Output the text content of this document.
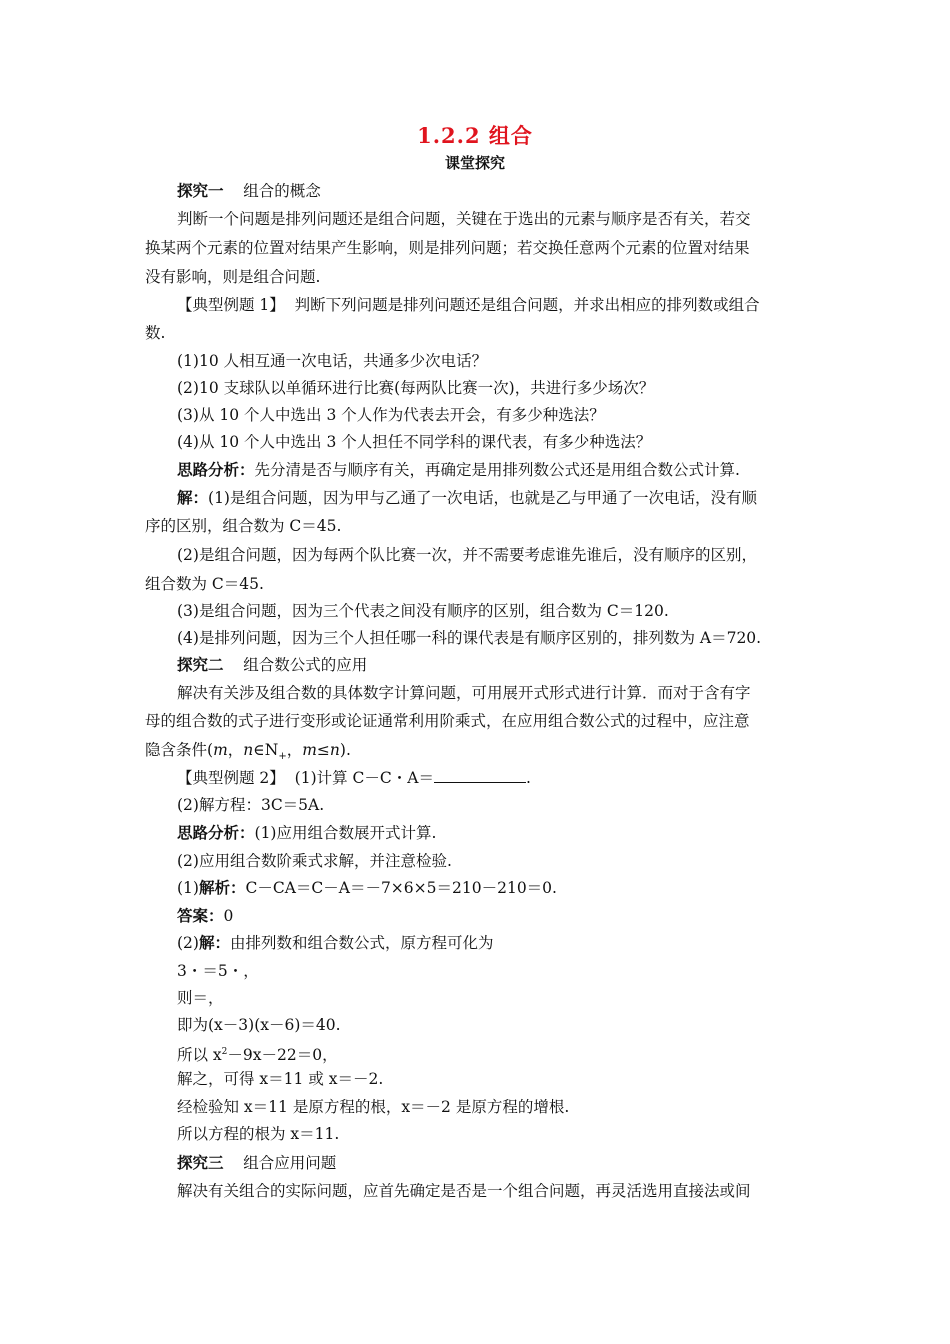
1.2.2 组合
课堂探究
探究一 组合的概念
判断一个问题是排列问题还是组合问题，关键在于选出的元素与顺序是否有关，若交
换某两个元素的位置对结果产生影响，则是排列问题；若交换任意两个元素的位置对结果
没有影响，则是组合问题.
【典型例题 1】 判断下列问题是排列问题还是组合问题，并求出相应的排列数或组合
数.
(1)10 人相互通一次电话，共通多少次电话？
(2)10 支球队以单循环进行比赛(每两队比赛一次)，共进行多少场次？
(3)从 10 个人中选出 3 个人作为代表去开会，有多少种选法？
(4)从 10 个人中选出 3 个人担任不同学科的课代表，有多少种选法？
思路分析：先分清是否与顺序有关，再确定是用排列数公式还是用组合数公式计算.
解：(1)是组合问题，因为甲与乙通了一次电话，也就是乙与甲通了一次电话，没有顺
序的区别，组合数为 C＝45.
(2)是组合问题，因为每两个队比赛一次，并不需要考虑谁先谁后，没有顺序的区别，
组合数为 C＝45.
(3)是组合问题，因为三个代表之间没有顺序的区别，组合数为 C＝120.
(4)是排列问题，因为三个人担任哪一科的课代表是有顺序区别的，排列数为 A＝720.
探究二 组合数公式的应用
解决有关涉及组合数的具体数字计算问题，可用展开式形式进行计算．而对于含有字
母的组合数的式子进行变形或论证通常利用阶乘式，在应用组合数公式的过程中，应注意
隐含条件(m，$n\in N_+$，m≤n).
【典型例题 2】 (1)计算 C－C・A＝	.
(2)解方程：3C＝5A.
思路分析：(1)应用组合数展开式计算.
(2)应用组合数阶乘式求解，并注意检验.
(1)解析：C－CA＝C－A＝－7×6×5＝210－210＝0.
答案：0
(2)解：由排列数和组合数公式，原方程可化为
3・＝5・，
则＝，
即为(x－3)(x－6)＝40.
所以 $x^2-9x-22=0$，
解之，可得 x＝11 或 x＝－2.
经检验知 x＝11 是原方程的根，x＝－2 是原方程的增根.
所以方程的根为 x＝11.
探究三 组合应用问题
解决有关组合的实际问题，应首先确定是否是一个组合问题，再灵活选用直接法或间
